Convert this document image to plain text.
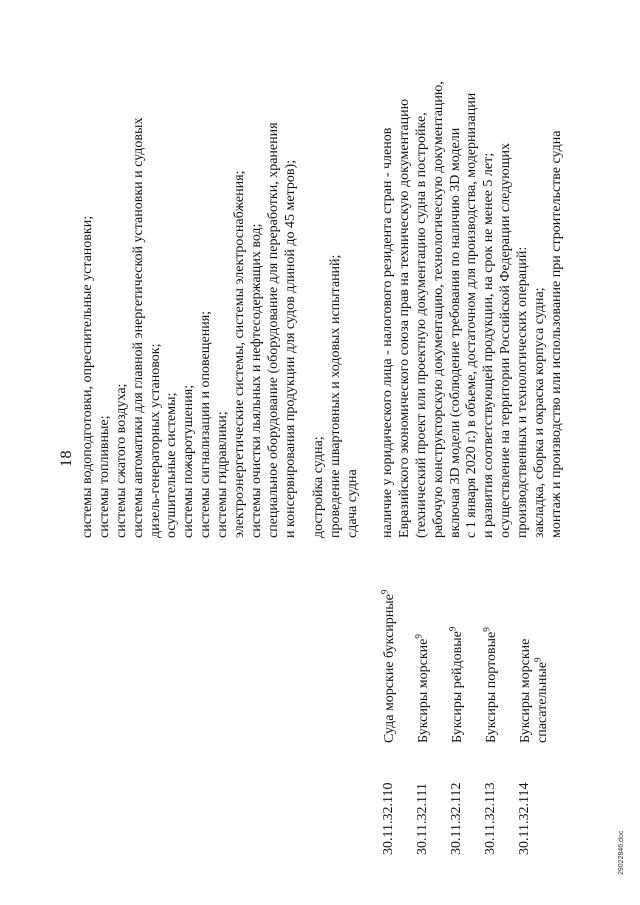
18 системы водоподготовки, опреснительные установки; системы топливные; системы сжатого воздуха; системы автоматики для главной энергетической установки и судовых дизель-генераторных установок; осушительные системы; системы пожаротушения; системы сигнализации и оповещения; системы гидравлики; электроэнергетические системы, системы электроснабжения; системы очистки льяльных и нефтесодержащих вод; специальное оборудование (оборудование для переработки, хранения и консервирования продукции для судов длиной до 45 метров); достройка судна; проведение швартовных и ходовых испытаний; сдача судна наличие у юридического лица - налогового резидента стран - членов Евразийского экономического союза прав на техническую документацию (технический проект или проектную документацию судна в постройке, рабочую конструкторскую документацию, технологическую документацию, включая 3D модели (соблюдение требования по наличию 3D модели с 1 января 2020 г.) в объеме, достаточном для производства, модернизации и развития соответствующей продукции, на срок не менее 5 лет; осуществление на территории Российской Федерации следующих производственных и технологических операций: закладка, сборка и окраска корпуса судна; монтаж и производство или использование при строительстве судна
30.11.32.110
Суда морские буксирные$^9$
30.11.32.111
Буксиры морские$^9$
30.11.32.112
Буксиры рейдовые$^9$
30.11.32.113
Буксиры портовые$^9$
30.11.32.114
Буксиры морские спасательные$^9$
29022846.doc
